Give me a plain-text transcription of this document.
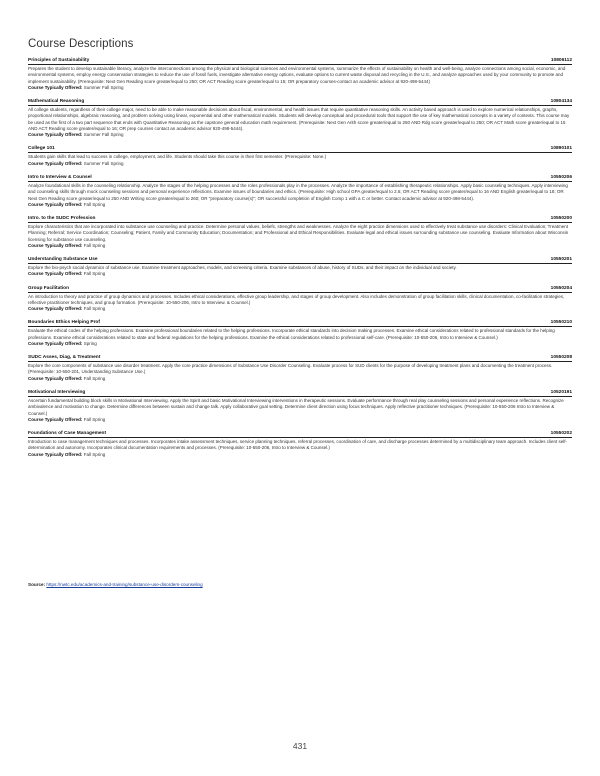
Course Descriptions
Principles of Sustainability	10806112
Prepares the student to develop sustainable literacy, analyze the interconnections among the physical and biological sciences and environmental systems, summarize the effects of sustainability on health and well-being, analyze connections among social, economic, and environmental systems, employ energy conservation strategies to reduce the use of fossil fuels, investigate alternative energy options, evaluate options to current waste disposal and recycling in the U.S., and analyze approaches used by your community to promote and implement sustainability. (Prerequisite: Next Gen Reading score greater/equal to 250; OR ACT Reading score greater/equal to 15; OR preparatory courses-contact an academic advisor at 920-498-5444)
Course Typically Offered: Summer Fall Spring
Mathematical Reasoning	10804134
All college students, regardless of their college major, need to be able to make reasonable decisions about fiscal, environmental, and health issues that require quantitative reasoning skills. An activity based approach is used to explore numerical relationships, graphs, proportional relationships, algebraic reasoning, and problem solving using linear, exponential and other mathematical models. Students will develop conceptual and procedural tools that support the use of key mathematical concepts in a variety of contexts. This course may be used as the first of a two part sequence that ends with Quantitative Reasoning as the capstone general education math requirement. (Prerequisite: Next Gen Arith score greater/equal to 250 AND Rdg score greater/equal to 250; OR ACT Math score greater/equal to 15 AND ACT Reading score greater/equal to 16; OR prep courses contact an academic advisor 920-498-5444).
Course Typically Offered: Summer Fall Spring
College 101	10890101
Students gain skills that lead to success in college, employment, and life. Students should take this course in their first semester. (Prerequisite: None.)
Course Typically Offered: Summer Fall Spring
Intro to Interview & Counsel	10550206
Analyze foundational skills in the counseling relationship. Analyze the stages of the helping processes and the roles professionals play in the processes. Analyze the importance of establishing therapeutic relationships. Apply basic counseling techniques. Apply interviewing and counseling skills through mock counseling sessions and personal experience reflections. Examine issues of boundaries and ethics. (Prerequisite: High school GPA greater/equal to 2.6; OR ACT Reading score greater/equal to 16 AND English greater/equal to 18; OR Next Gen Reading score greater/equal to 250 AND Writing score greater/equal to 260; OR "preparatory course(s)"; OR successful completion of English Comp 1 with a C or better. Contact academic advisor at 920-498-5444).
Course Typically Offered: Fall Spring
Intro. to the SUDC Profession	10550200
Explore characteristics that are incorporated into substance use counseling and practice. Determine personal values, beliefs, strengths and weaknesses. Analyze the eight practice dimensions used to effectively treat substance use disorders: Clinical Evaluation; Treatment Planning; Referral; Service Coordination; Counseling; Patient, Family and Community Education; Documentation; and Professional and Ethical Responsibilities. Evaluate legal and ethical issues surrounding substance use counseling. Evaluate Information about Wisconsin licensing for substance use counseling.
Course Typically Offered: Fall Spring
Understanding Substance Use	10550201
Explore the bio-psych social dynamics of substance use. Examine treatment approaches, models, and screening criteria. Examine substances of abuse, history of SUDs, and their impact on the individual and society.
Course Typically Offered: Fall Spring
Group Facilitation	10550204
An introduction to theory and practice of group dynamics and processes. Includes ethical considerations, effective group leadership, and stages of group development. Also includes demonstration of group facilitation skills, clinical documentation, co-facilitation strategies, reflective practitioner techniques, and group formation. (Prerequisite: 10-550-206, Intro to Interview. & Counsel.)
Course Typically Offered: Fall Spring
Boundaries Ethics Helping Prof	10550210
Evaluate the ethical codes of the helping professions. Examine professional boundaries related to the helping professions. Incorporate ethical standards into decision making processes. Examine ethical considerations related to professional standards for the helping professions. Examine ethical considerations related to state and federal regulations for the helping professions. Examine the ethical considerations related to professional self-care. (Prerequisite: 10-550-206, Intro to Interview & Counsel.)
Course Typically Offered: Spring
SUDC Asses, Diag, & Treatment	10550208
Explore the core components of substance use disorder treatment. Apply the core practice dimensions of Substance Use Disorder Counseling. Evaluate process for SUD clients for the purpose of developing treatment plans and documenting the treatment process. (Prerequisite: 10-550-201, Understanding Substance Use.)
Course Typically Offered: Fall Spring
Motivational Interviewing	10520191
Ascertain fundamental building block skills in Motivational Interviewing. Apply the Spirit and basic Motivational Interviewing interventions in therapeutic sessions. Evaluate performance through real play counseling sessions and personal experience reflections. Recognize ambivalence and motivation to change. Determine differences between sustain and change talk. Apply collaborative goal setting. Determine client direction using focus techniques. Apply reflective practitioner techniques. (Prerequisite: 10-550-206 Intro to Interview & Counsel.)
Course Typically Offered: Fall Spring
Foundations of Case Management	10550202
Introduction to case management techniques and processes. Incorporates intake assessment techniques, service planning techniques, referral processes, coordination of care, and discharge processes determined by a multidisciplinary team approach. Includes client self-determination and autonomy. Incorporates clinical documentation requirements and processes. (Prerequisite: 10-550-206, Intro to Interview & Counsel.)
Course Typically Offered: Fall Spring
Source: https://nwtc.edu/academics-and-training/substance-use-disorders-counseling
431
